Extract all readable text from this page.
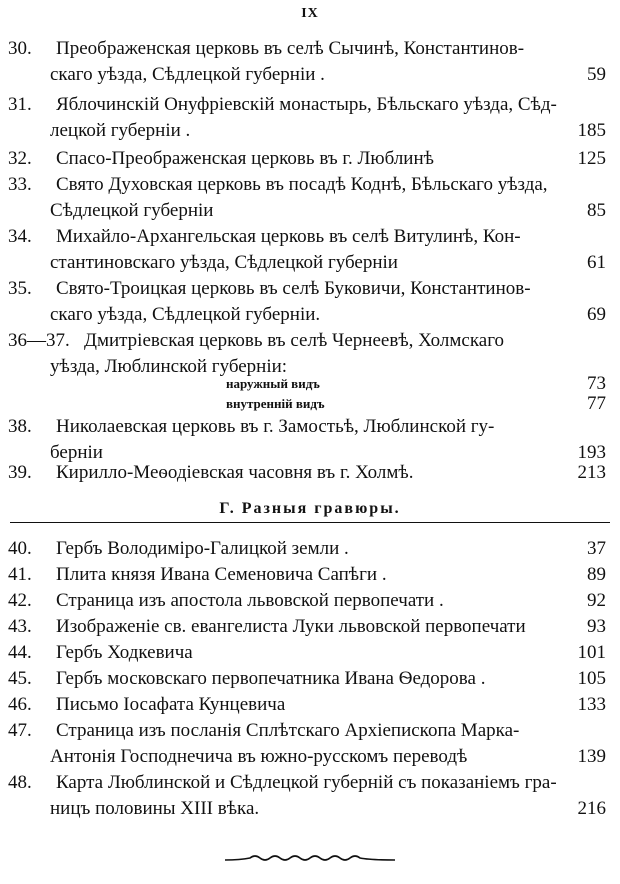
IX
30. Преображенская церковь въ селѣ Сычинѣ, Константинов-
скаго уѣзда, Сѣдлецкой губерніи .	59
31. Яблочинскій Онуфріевскій монастырь, Бѣльскаго уѣзда, Сѣд-
лецкой губерніи .	185
32. Спасо-Преображенская церковь въ г. Люблинѣ	125
33. Свято Духовская церковь въ посадѣ Коднѣ, Бѣльскаго уѣзда,
Сѣдлецкой губерніи	85
34. Михайло-Архангельская церковь въ селѣ Витулинѣ, Кон-
стантиновскаго уѣзда, Сѣдлецкой губерніи	61
35. Свято-Троицкая церковь въ селѣ Буковичи, Константинов-
скаго уѣзда, Сѣдлецкой губерніи.	69
36—37. Дмитріевская церковь въ селѣ Чернеевѣ, Холмскаго
уѣзда, Люблинской губерніи:
наружный видъ	73
внутренній видъ	77
38. Николаевская церковь въ г. Замостьѣ, Люблинской гу-
берніи	193
39. Кирилло-Меѳодіевская часовня въ г. Холмѣ.	213
Г. Разныя гравюры.
40. Гербъ Володиміро-Галицкой земли .	37
41. Плита князя Ивана Семеновича Сапѣги .	89
42. Страница изъ апостола львовской первопечати .	92
43. Изображеніе св. евангелиста Луки львовской первопечати	93
44. Гербъ Ходкевича	101
45. Гербъ московскаго первопечатника Ивана Ѳедорова .	105
46. Письмо Іосафата Кунцевича	133
47. Страница изъ посланія Сплѣтскаго Архіепископа Марка-
Антонія Господнечича въ южно-русскомъ переводѣ	139
48. Карта Люблинской и Сѣдлецкой губерній съ показаніемъ гра-
ницъ половины XIII вѣка.	216
